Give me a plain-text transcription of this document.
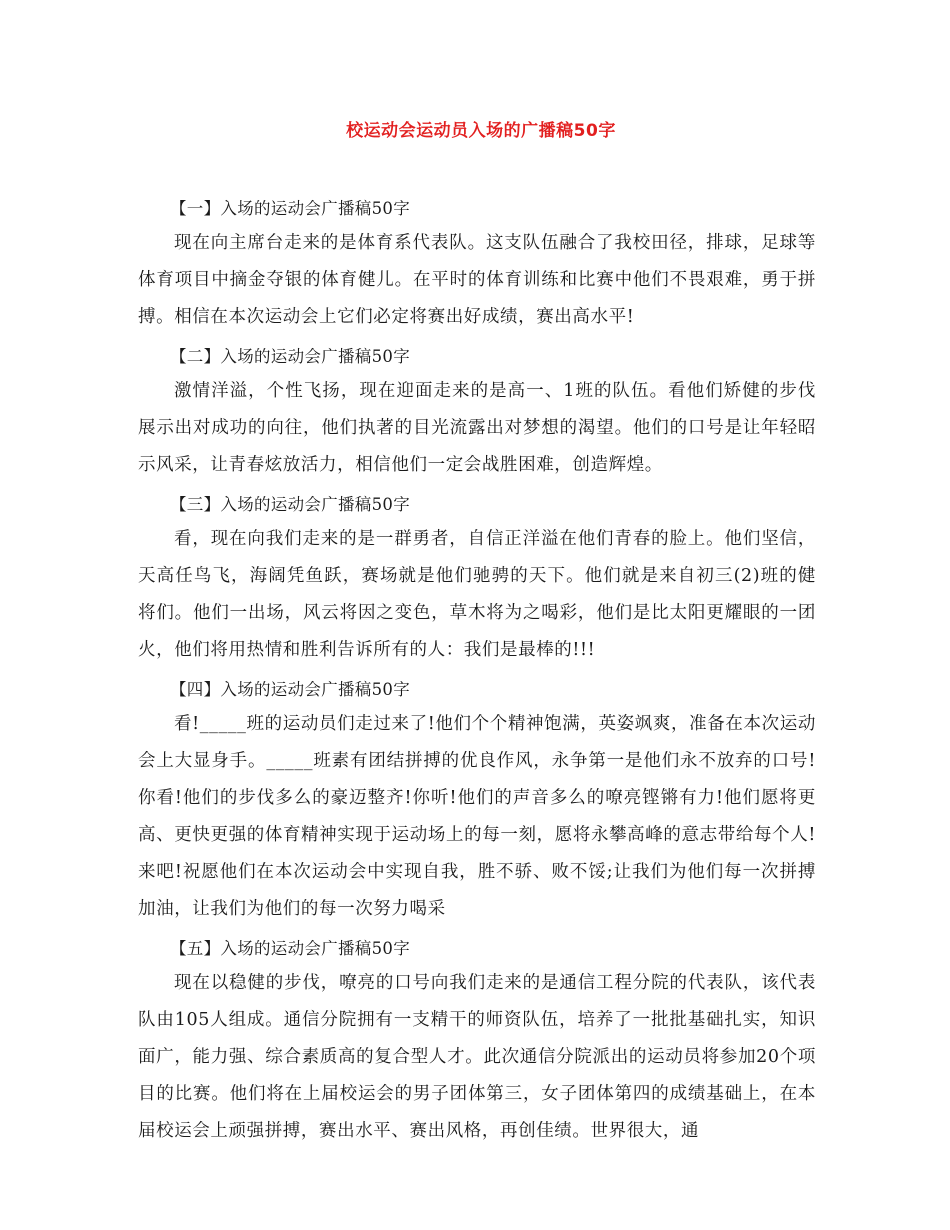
校运动会运动员入场的广播稿50字

【一】入场的运动会广播稿50字

现在向主席台走来的是体育系代表队。这支队伍融合了我校田径，排球，足球等体育项目中摘金夺银的体育健儿。在平时的体育训练和比赛中他们不畏艰难，勇于拼搏。相信在本次运动会上它们必定将赛出好成绩，赛出高水平!

【二】入场的运动会广播稿50字

激情洋溢，个性飞扬，现在迎面走来的是高一、1班的队伍。看他们矫健的步伐展示出对成功的向往，他们执著的目光流露出对梦想的渴望。他们的口号是让年轻昭示风采，让青春炫放活力，相信他们一定会战胜困难，创造辉煌。

【三】入场的运动会广播稿50字

看，现在向我们走来的是一群勇者，自信正洋溢在他们青春的脸上。他们坚信，天高任鸟飞，海阔凭鱼跃，赛场就是他们驰骋的天下。他们就是来自初三(2)班的健将们。他们一出场，风云将因之变色，草木将为之喝彩，他们是比太阳更耀眼的一团火，他们将用热情和胜利告诉所有的人：我们是最棒的!!!

【四】入场的运动会广播稿50字

看!_____班的运动员们走过来了!他们个个精神饱满，英姿飒爽，准备在本次运动会上大显身手。_____班素有团结拼搏的优良作风，永争第一是他们永不放弃的口号!你看!他们的步伐多么的豪迈整齐!你听!他们的声音多么的嘹亮铿锵有力!他们愿将更高、更快更强的体育精神实现于运动场上的每一刻，愿将永攀高峰的意志带给每个人!来吧!祝愿他们在本次运动会中实现自我，胜不骄、败不馁;让我们为他们每一次拼搏加油，让我们为他们的每一次努力喝采

【五】入场的运动会广播稿50字

现在以稳健的步伐，嘹亮的口号向我们走来的是通信工程分院的代表队，该代表队由105人组成。通信分院拥有一支精干的师资队伍，培养了一批批基础扎实，知识面广，能力强、综合素质高的复合型人才。此次通信分院派出的运动员将参加20个项目的比赛。他们将在上届校运会的男子团体第三，女子团体第四的成绩基础上，在本届校运会上顽强拼搏，赛出水平、赛出风格，再创佳绩。世界很大，通
